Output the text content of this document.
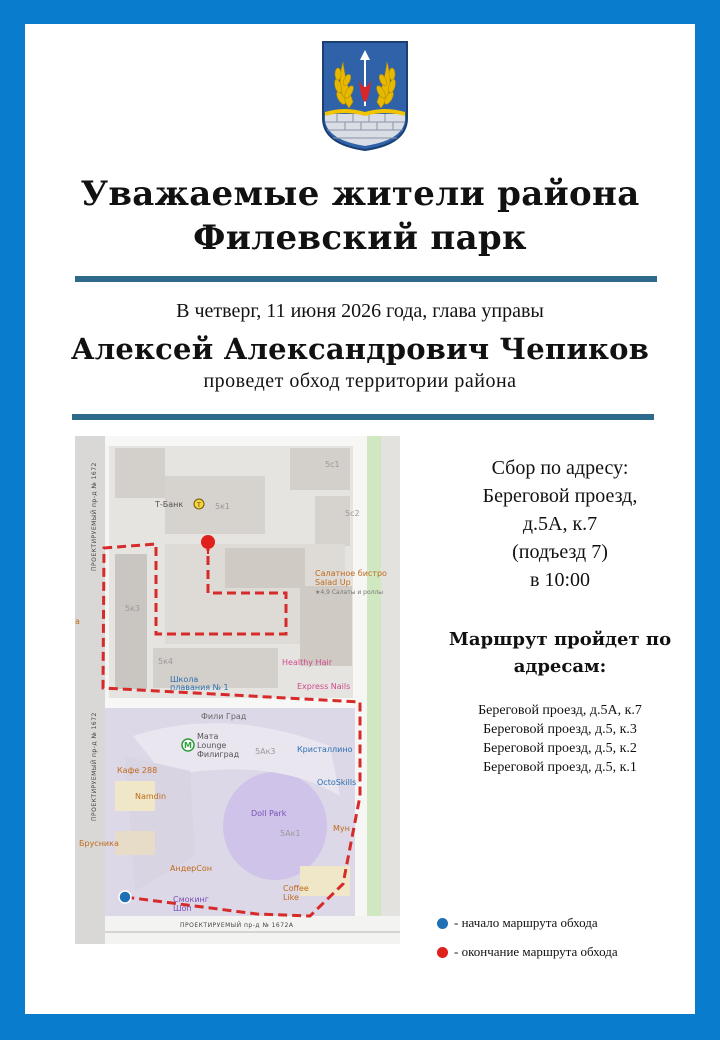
Уважаемые жители района
Филевский парк
В четверг, 11 июня 2026 года, глава управы
Алексей Александрович Чепиков
проведет обход территории района
М
Т
Т-Банк	5к1
5с1
5с2
5к3
5к4
Салатное бистро
Salad Up
★4,9 Салаты и роллы
Healthy Hair
Express Nails
Школа
плавания № 1
Фили Град
Мата
Lounge
Филиград 5Ак3	Кристаллино
OctoSkills
Кафе 288
Namdin
Doll Park
5Ак1
Мун
Брусника
АндерСон
Coffee
Like
Смокинг
Шоп
а
ПРОЕКТИРУЕМЫЙ пр-д № 1672
ПРОЕКТИРУЕМЫЙ пр-д № 1672
ПРОЕКТИРУЕМЫЙ пр-д № 1672А
Сбор по адресу:
Береговой проезд,
д.5А, к.7
(подъезд 7)
в 10:00
Маршрут пройдет по
адресам:
Береговой проезд, д.5А, к.7
Береговой проезд, д.5, к.3
Береговой проезд, д.5, к.2
Береговой проезд, д.5, к.1
- начало маршрута обхода
- окончание маршрута обхода
